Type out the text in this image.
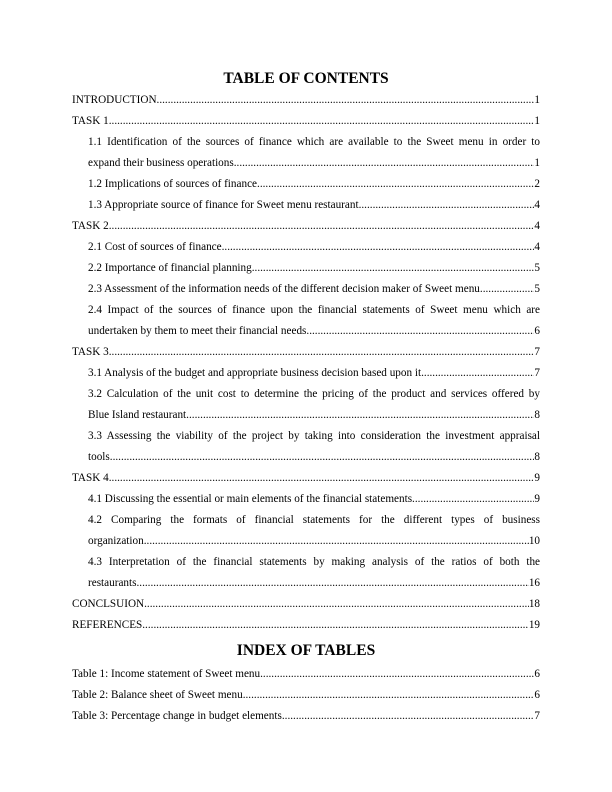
TABLE OF CONTENTS
INTRODUCTION .....	1
TASK 1 .....	1
1.1 Identification of the sources of finance which are available to the Sweet menu in order to
expand their business operations .....	1
1.2 Implications of sources of finance .....	2
1.3 Appropriate source of finance for Sweet menu restaurant .....	4
TASK 2 .....	4
2.1 Cost of sources of finance .....	4
2.2 Importance of financial planning .....	5
2.3 Assessment of the information needs of the different decision maker of Sweet menu .....	5
2.4 Impact of the sources of finance upon the financial statements of Sweet menu which are
undertaken by them to meet their financial needs .....	6
TASK 3 .....	7
3.1 Analysis of the budget and appropriate business decision based upon it .....	7
3.2 Calculation of the unit cost to determine the pricing of the product and services offered by
Blue Island restaurant .....	8
3.3 Assessing the viability of the project by taking into consideration the investment appraisal
tools .....	8
TASK 4 .....	9
4.1 Discussing the essential or main elements of the financial statements .....	9
4.2 Comparing the formats of financial statements for the different types of business
organization .....	10
4.3 Interpretation of the financial statements by making analysis of the ratios of both the
restaurants .....	16
CONCLSUION .....	18
REFERENCES .....	19
INDEX OF TABLES
Table 1: Income statement of Sweet menu .....	6
Table 2: Balance sheet of Sweet menu .....	6
Table 3: Percentage change in budget elements .....	7
